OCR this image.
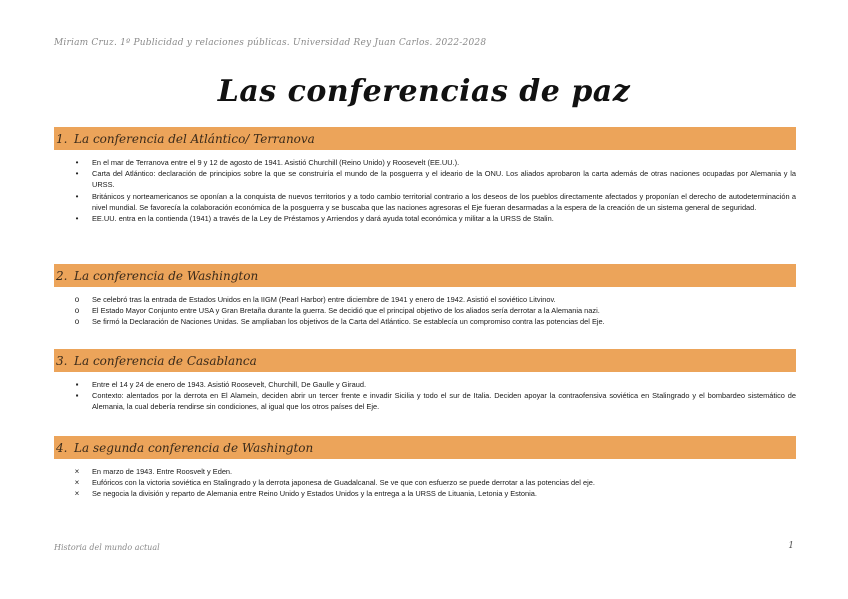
Miriam Cruz. 1º Publicidad y relaciones públicas. Universidad Rey Juan Carlos. 2022-2028
Las conferencias de paz
1. La conferencia del Atlántico/ Terranova
•	En el mar de Terranova entre el 9 y 12 de agosto de 1941. Asistió Churchill (Reino Unido) y Roosevelt (EE.UU.).
•	Carta del Atlántico: declaración de principios sobre la que se construiría el mundo de la posguerra y el ideario de la ONU. Los aliados aprobaron la carta además de otras naciones ocupadas por Alemania y la URSS.
•	Británicos y norteamericanos se oponían a la conquista de nuevos territorios y a todo cambio territorial contrario a los deseos de los pueblos directamente afectados y proponían el derecho de autodeterminación a nivel mundial. Se favorecía la colaboración económica de la posguerra y se buscaba que las naciones agresoras el Eje fueran desarmadas a la espera de la creación de un sistema general de seguridad.
•	EE.UU. entra en la contienda (1941) a través de la Ley de Préstamos y Arriendos y dará ayuda total económica y militar a la URSS de Stalin.
2. La conferencia de Washington
o	Se celebró tras la entrada de Estados Unidos en la IIGM (Pearl Harbor) entre diciembre de 1941 y enero de 1942. Asistió el soviético Litvinov.
o	El Estado Mayor Conjunto entre USA y Gran Bretaña durante la guerra. Se decidió que el principal objetivo de los aliados sería derrotar a la Alemania nazi.
o	Se firmó la Declaración de Naciones Unidas. Se ampliaban los objetivos de la Carta del Atlántico. Se establecía un compromiso contra las potencias del Eje.
3. La conferencia de Casablanca
▪	Entre el 14 y 24 de enero de 1943. Asistió Roosevelt, Churchill, De Gaulle y Giraud.
▪	Contexto: alentados por la derrota en El Alamein, deciden abrir un tercer frente e invadir Sicilia y todo el sur de Italia. Deciden apoyar la contraofensiva soviética en Stalingrado y el bombardeo sistemático de Alemania, la cual debería rendirse sin condiciones, al igual que los otros países del Eje.
4. La segunda conferencia de Washington
×	En marzo de 1943. Entre Roosvelt y Eden.
×	Eufóricos con la victoria soviética en Stalingrado y la derrota japonesa de Guadalcanal. Se ve que con esfuerzo se puede derrotar a las potencias del eje.
×	Se negocia la división y reparto de Alemania entre Reino Unido y Estados Unidos y la entrega a la URSS de Lituania, Letonia y Estonia.
Historia del mundo actual	1
